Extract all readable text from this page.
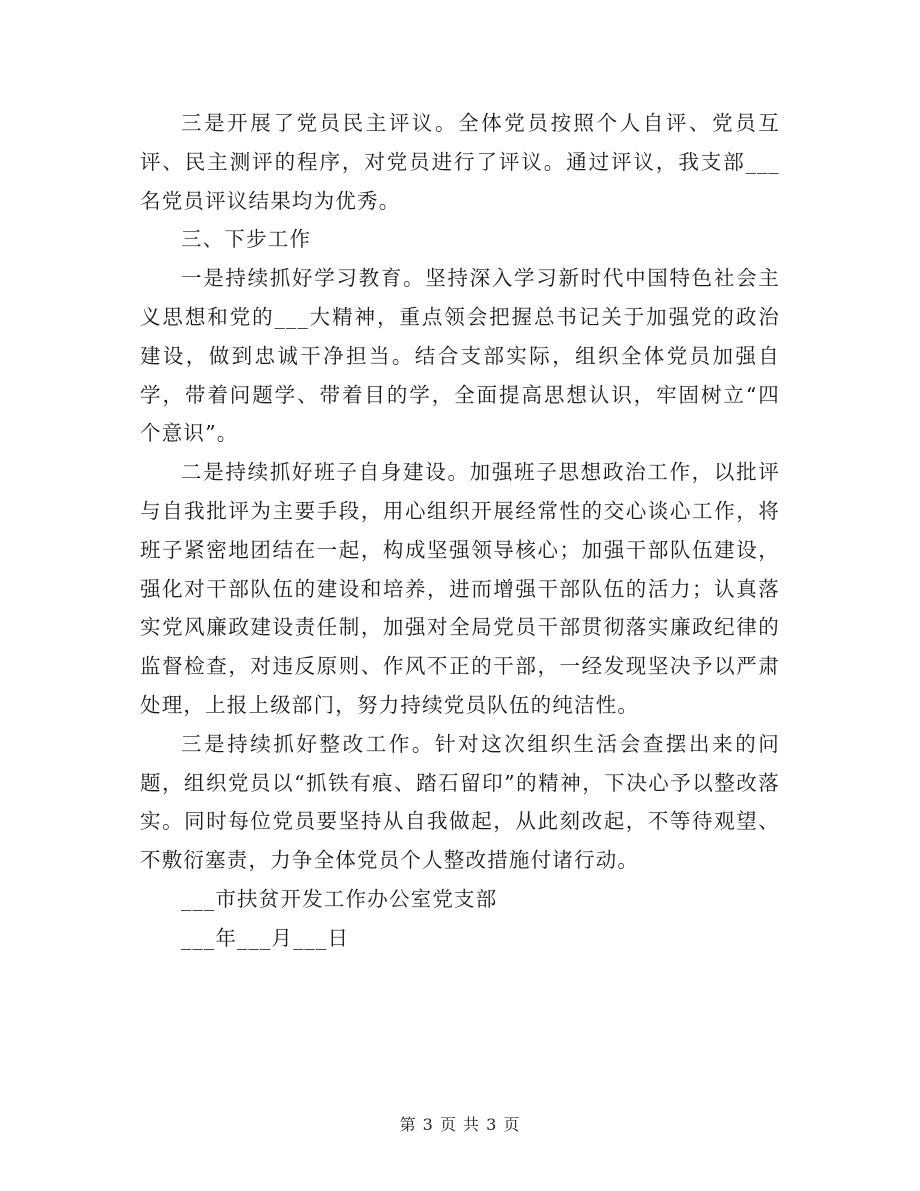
三是开展了党员民主评议。全体党员按照个人自评、党员互评、民主测评的程序，对党员进行了评议。通过评议，我支部___名党员评议结果均为优秀。

三、下步工作

一是持续抓好学习教育。坚持深入学习新时代中国特色社会主义思想和党的___大精神，重点领会把握总书记关于加强党的政治建设，做到忠诚干净担当。结合支部实际，组织全体党员加强自学，带着问题学、带着目的学，全面提高思想认识，牢固树立“四个意识”。

二是持续抓好班子自身建设。加强班子思想政治工作，以批评与自我批评为主要手段，用心组织开展经常性的交心谈心工作，将班子紧密地团结在一起，构成坚强领导核心；加强干部队伍建设，强化对干部队伍的建设和培养，进而增强干部队伍的活力；认真落实党风廉政建设责任制，加强对全局党员干部贯彻落实廉政纪律的监督检查，对违反原则、作风不正的干部，一经发现坚决予以严肃处理，上报上级部门，努力持续党员队伍的纯洁性。

三是持续抓好整改工作。针对这次组织生活会查摆出来的问题，组织党员以“抓铁有痕、踏石留印”的精神，下决心予以整改落实。同时每位党员要坚持从自我做起，从此刻改起，不等待观望、不敷衍塞责，力争全体党员个人整改措施付诸行动。

___市扶贫开发工作办公室党支部

___年___月___日

第 3 页 共 3 页
